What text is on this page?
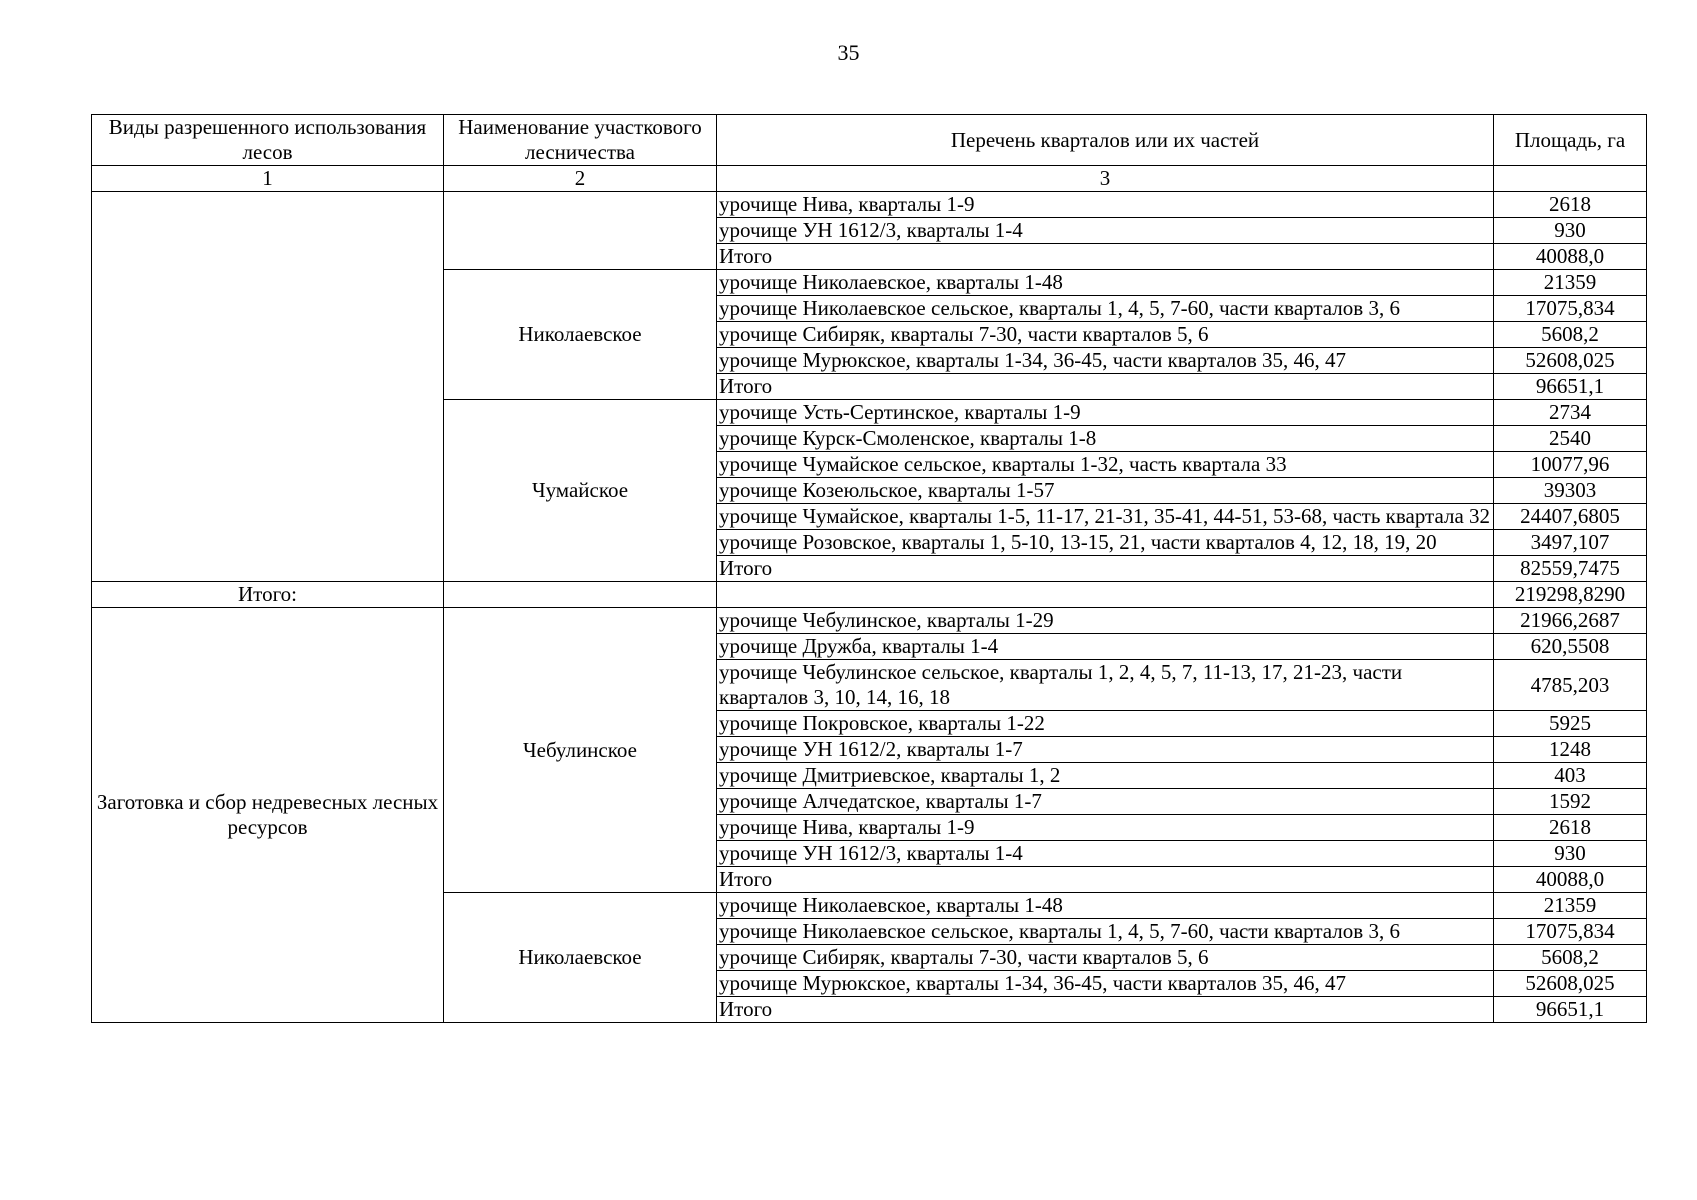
35
Виды разрешенного использования лесов	Наименование участкового лесничества	Перечень кварталов или их частей	Площадь, га
1	2	3	
		урочище Нива, кварталы 1-9	2618
		урочище УН 1612/3, кварталы 1-4	930
		Итого	40088,0
	Николаевское	урочище Николаевское, кварталы 1-48	21359
		урочище Николаевское сельское, кварталы 1, 4, 5, 7-60, части кварталов 3, 6	17075,834
		урочище Сибиряк, кварталы 7-30, части кварталов 5, 6	5608,2
		урочище Мурюкское, кварталы 1-34, 36-45, части кварталов 35, 46, 47	52608,025
		Итого	96651,1
	Чумайское	урочище Усть-Сертинское, кварталы 1-9	2734
		урочище Курск-Смоленское, кварталы 1-8	2540
		урочище Чумайское сельское, кварталы 1-32, часть квартала 33	10077,96
		урочище Козеюльское, кварталы 1-57	39303
		урочище Чумайское, кварталы 1-5, 11-17, 21-31, 35-41, 44-51, 53-68, часть квартала 32	24407,6805
		урочище Розовское, кварталы 1, 5-10, 13-15, 21, части кварталов 4, 12, 18, 19, 20	3497,107
		Итого	82559,7475
Итого:			219298,8290
Заготовка и сбор недревесных лесных ресурсов	Чебулинское	урочище Чебулинское, кварталы 1-29	21966,2687
		урочище Дружба, кварталы 1-4	620,5508
		урочище Чебулинское сельское, кварталы 1, 2, 4, 5, 7, 11-13, 17, 21-23, части кварталов 3, 10, 14, 16, 18	4785,203
		урочище Покровское, кварталы 1-22	5925
		урочище УН 1612/2, кварталы 1-7	1248
		урочище Дмитриевское, кварталы 1, 2	403
		урочище Алчедатское, кварталы 1-7	1592
		урочище Нива, кварталы 1-9	2618
		урочище УН 1612/3, кварталы 1-4	930
		Итого	40088,0
	Николаевское	урочище Николаевское, кварталы 1-48	21359
		урочище Николаевское сельское, кварталы 1, 4, 5, 7-60, части кварталов 3, 6	17075,834
		урочище Сибиряк, кварталы 7-30, части кварталов 5, 6	5608,2
		урочище Мурюкское, кварталы 1-34, 36-45, части кварталов 35, 46, 47	52608,025
		Итого	96651,1
